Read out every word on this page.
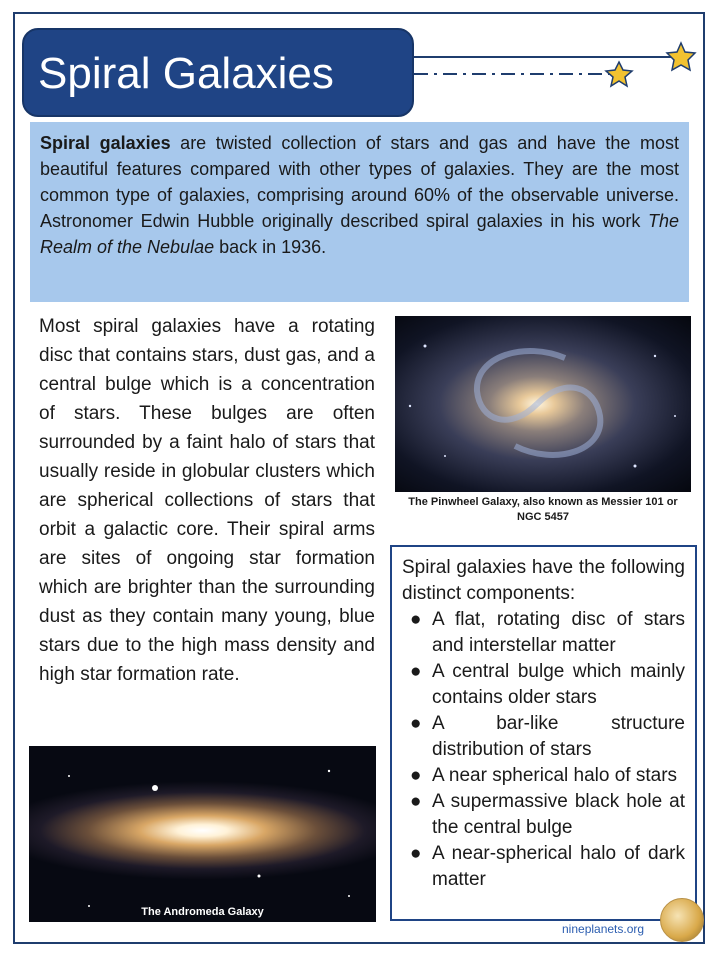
Spiral Galaxies
Spiral galaxies are twisted collection of stars and gas and have the most beautiful features compared with other types of galaxies. They are the most common type of galaxies, comprising around 60% of the observable universe. Astronomer Edwin Hubble originally described spiral galaxies in his work The Realm of the Nebulae back in 1936.
Most spiral galaxies have a rotating disc that contains stars, dust gas, and a central bulge which is a concentration of stars. These bulges are often surrounded by a faint halo of stars that usually reside in globular clusters which are spherical collections of stars that orbit a galactic core. Their spiral arms are sites of ongoing star formation which are brighter than the surrounding dust as they contain many young, blue stars due to the high mass density and high star formation rate.
The Pinwheel Galaxy, also known as Messier 101 or NGC 5457
The Andromeda Galaxy
Spiral galaxies have the following distinct components:
● A flat, rotating disc of stars and interstellar matter
● A central bulge which mainly contains older stars
● A bar-like structure distribution of stars
● A near spherical halo of stars
● A supermassive black hole at the central bulge
● A near-spherical halo of dark matter
nineplanets.org
